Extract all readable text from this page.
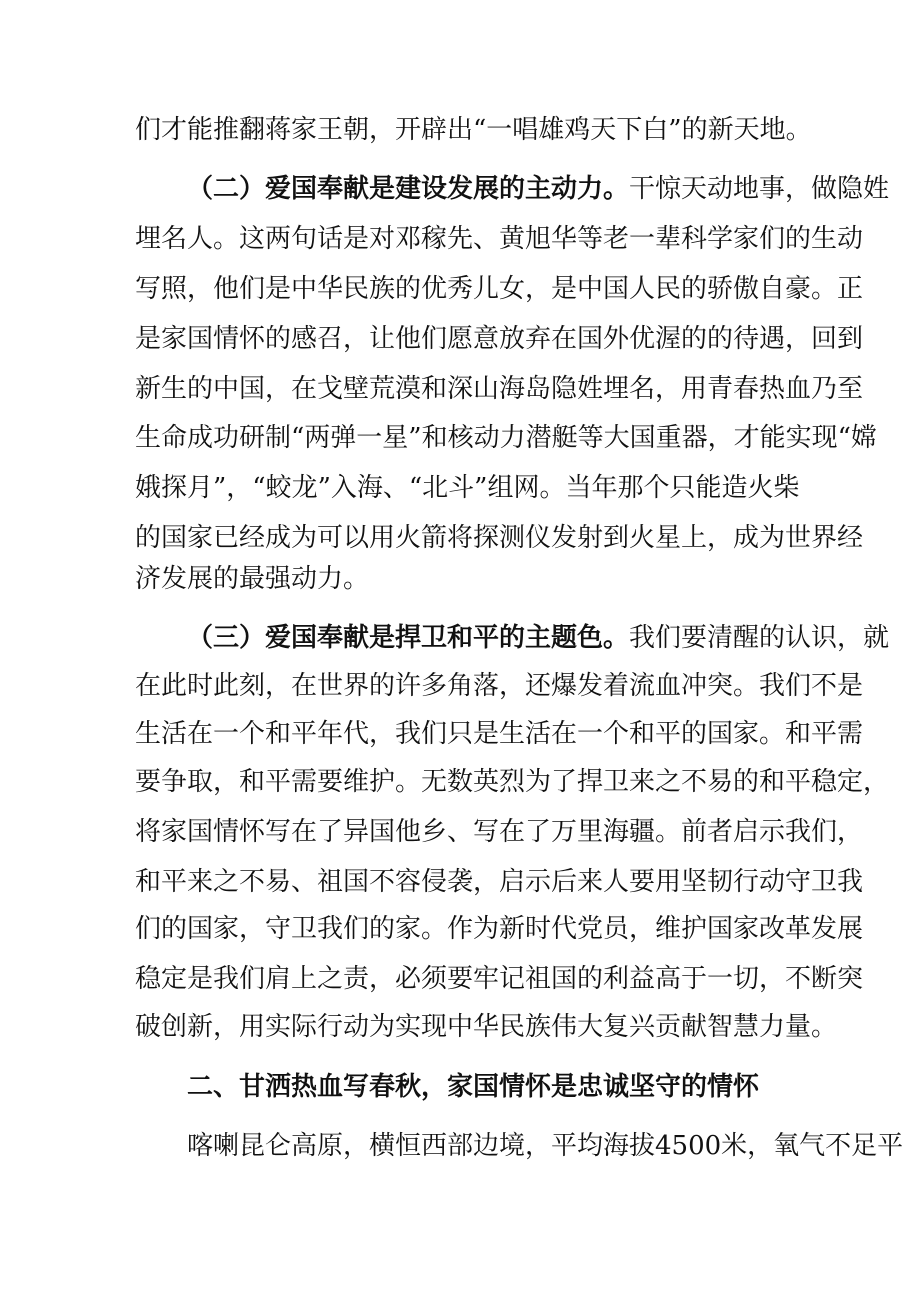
们才能推翻蒋家王朝，开辟出“一唱雄鸡天下白”的新天地。
（二）爱国奉献是建设发展的主动力。干惊天动地事，做隐姓
埋名人。这两句话是对邓稼先、黄旭华等老一辈科学家们的生动
写照，他们是中华民族的优秀儿女，是中国人民的骄傲自豪。正
是家国情怀的感召，让他们愿意放弃在国外优渥的的待遇，回到
新生的中国，在戈壁荒漠和深山海岛隐姓埋名，用青春热血乃至
生命成功研制“两弹一星”和核动力潜艇等大国重器，才能实现“嫦
娥探月”，“蛟龙”入海、“北斗”组网。当年那个只能造火柴
的国家已经成为可以用火箭将探测仪发射到火星上，成为世界经
济发展的最强动力。
（三）爱国奉献是捍卫和平的主题色。我们要清醒的认识，就
在此时此刻，在世界的许多角落，还爆发着流血冲突。我们不是
生活在一个和平年代，我们只是生活在一个和平的国家。和平需
要争取，和平需要维护。无数英烈为了捍卫来之不易的和平稳定，
将家国情怀写在了异国他乡、写在了万里海疆。前者启示我们，
和平来之不易、祖国不容侵袭，启示后来人要用坚韧行动守卫我
们的国家，守卫我们的家。作为新时代党员，维护国家改革发展
稳定是我们肩上之责，必须要牢记祖国的利益高于一切，不断突
破创新，用实际行动为实现中华民族伟大复兴贡献智慧力量。
二、甘洒热血写春秋，家国情怀是忠诚坚守的情怀
喀喇昆仑高原，横恒西部边境，平均海拔4500米，氧气不足平
